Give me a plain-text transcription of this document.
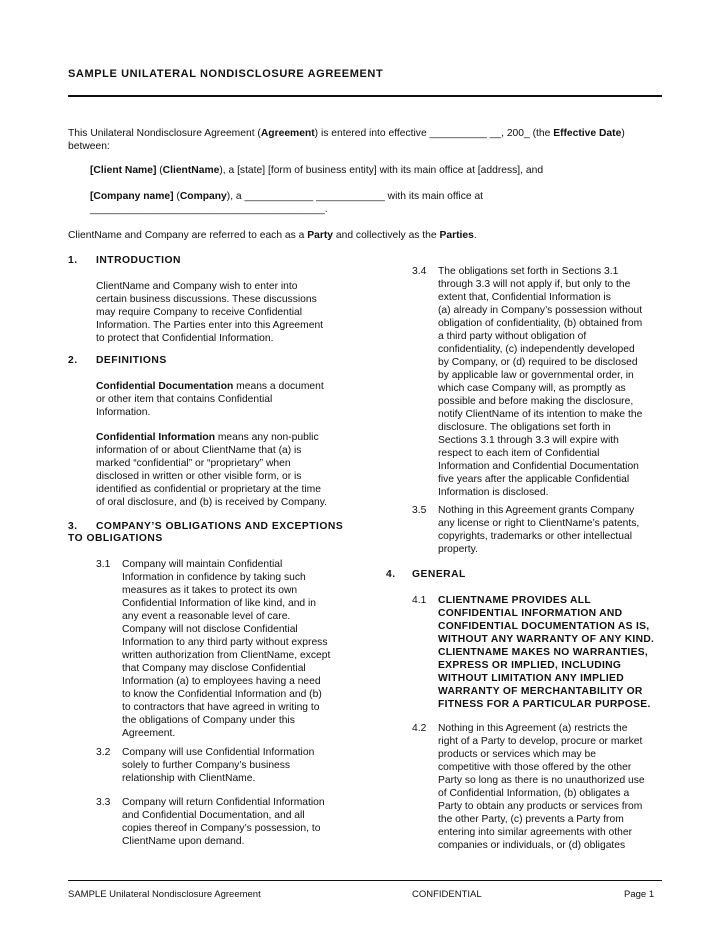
SAMPLE UNILATERAL NONDISCLOSURE AGREEMENT
This Unilateral Nondisclosure Agreement (Agreement) is entered into effective __________ __, 200_ (the Effective Date)
between:
[Client Name] (ClientName), a [state] [form of business entity] with its main office at [address], and
[Company name] (Company), a ____________ ____________ with its main office at
_________________________________________.
ClientName and Company are referred to each as a Party and collectively as the Parties.
1. INTRODUCTION
ClientName and Company wish to enter into
certain business discussions. These discussions
may require Company to receive Confidential
Information. The Parties enter into this Agreement
to protect that Confidential Information.
2. DEFINITIONS
Confidential Documentation means a document
or other item that contains Confidential
Information.
Confidential Information means any non-public
information of or about ClientName that (a) is
marked “confidential” or “proprietary” when
disclosed in written or other visible form, or is
identified as confidential or proprietary at the time
of oral disclosure, and (b) is received by Company.
3. COMPANY’S OBLIGATIONS AND EXCEPTIONS
TO OBLIGATIONS
3.1 Company will maintain Confidential
Information in confidence by taking such
measures as it takes to protect its own
Confidential Information of like kind, and in
any event a reasonable level of care.
Company will not disclose Confidential
Information to any third party without express
written authorization from ClientName, except
that Company may disclose Confidential
Information (a) to employees having a need
to know the Confidential Information and (b)
to contractors that have agreed in writing to
the obligations of Company under this
Agreement.
3.2 Company will use Confidential Information
solely to further Company’s business
relationship with ClientName.
3.3 Company will return Confidential Information
and Confidential Documentation, and all
copies thereof in Company’s possession, to
ClientName upon demand.
3.4 The obligations set forth in Sections 3.1
through 3.3 will not apply if, but only to the
extent that, Confidential Information is
(a) already in Company’s possession without
obligation of confidentiality, (b) obtained from
a third party without obligation of
confidentiality, (c) independently developed
by Company, or (d) required to be disclosed
by applicable law or governmental order, in
which case Company will, as promptly as
possible and before making the disclosure,
notify ClientName of its intention to make the
disclosure. The obligations set forth in
Sections 3.1 through 3.3 will expire with
respect to each item of Confidential
Information and Confidential Documentation
five years after the applicable Confidential
Information is disclosed.
3.5 Nothing in this Agreement grants Company
any license or right to ClientName’s patents,
copyrights, trademarks or other intellectual
property.
4. GENERAL
4.1 CLIENTNAME PROVIDES ALL
CONFIDENTIAL INFORMATION AND
CONFIDENTIAL DOCUMENTATION AS IS,
WITHOUT ANY WARRANTY OF ANY KIND.
CLIENTNAME MAKES NO WARRANTIES,
EXPRESS OR IMPLIED, INCLUDING
WITHOUT LIMITATION ANY IMPLIED
WARRANTY OF MERCHANTABILITY OR
FITNESS FOR A PARTICULAR PURPOSE.
4.2 Nothing in this Agreement (a) restricts the
right of a Party to develop, procure or market
products or services which may be
competitive with those offered by the other
Party so long as there is no unauthorized use
of Confidential Information, (b) obligates a
Party to obtain any products or services from
the other Party, (c) prevents a Party from
entering into similar agreements with other
companies or individuals, or (d) obligates
SAMPLE Unilateral Nondisclosure Agreement	CONFIDENTIAL	Page 1
